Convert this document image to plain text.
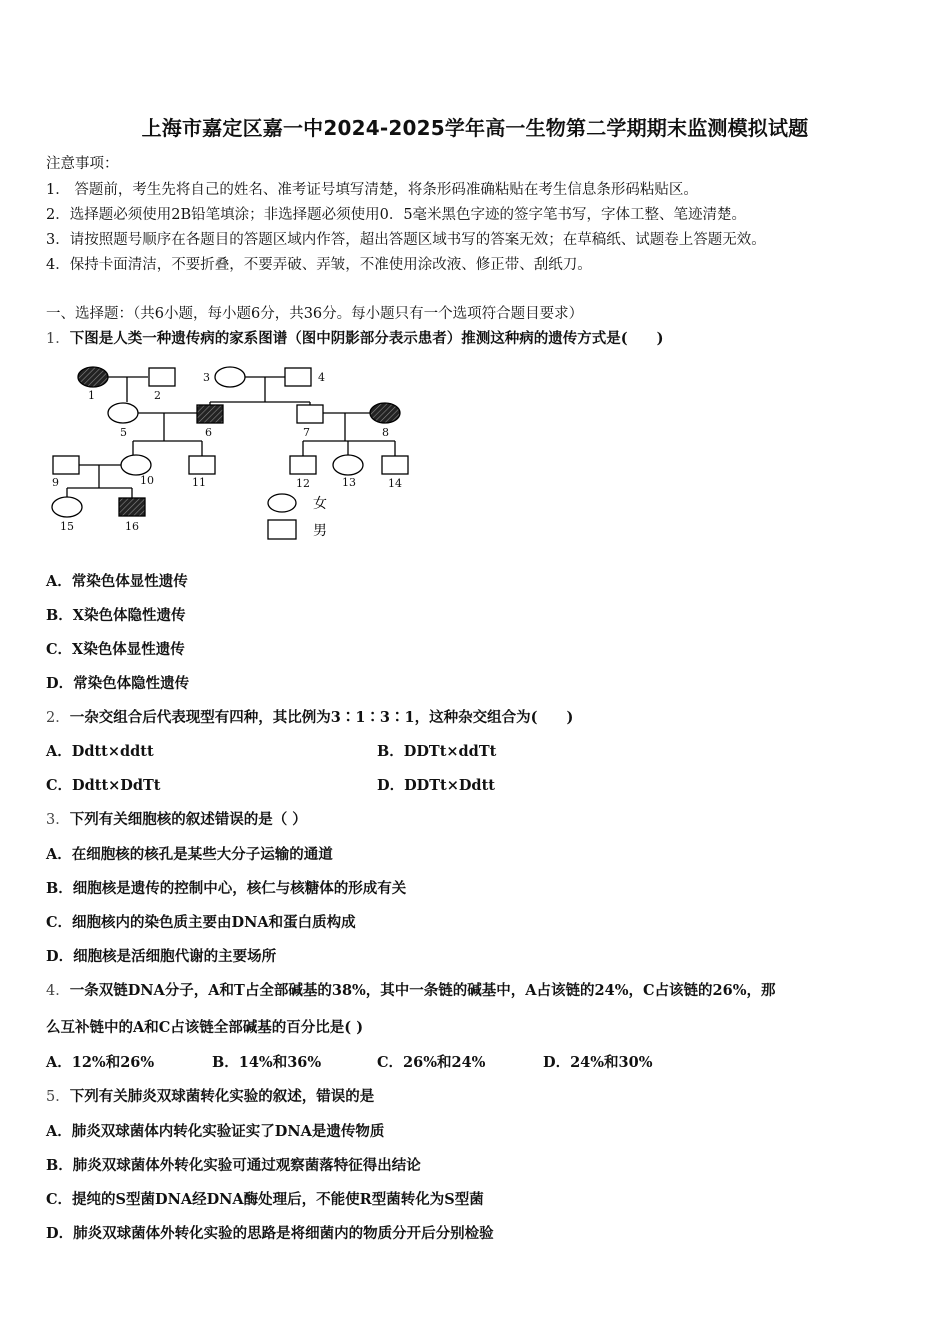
上海市嘉定区嘉一中2024-2025学年高一生物第二学期期末监测模拟试题
注意事项：
1． 答题前，考生先将自己的姓名、准考证号填写清楚，将条形码准确粘贴在考生信息条形码粘贴区。
2．选择题必须使用2B铅笔填涂；非选择题必须使用0．5毫米黑色字迹的签字笔书写，字体工整、笔迹清楚。
3．请按照题号顺序在各题目的答题区域内作答，超出答题区域书写的答案无效；在草稿纸、试题卷上答题无效。
4．保持卡面清洁，不要折叠，不要弄破、弄皱，不准使用涂改液、修正带、刮纸刀。
一、选择题：（共6小题，每小题6分，共36分。每小题只有一个选项符合题目要求）
1．下图是人类一种遗传病的家系图谱（图中阴影部分表示患者）推测这种病的遗传方式是(　　)
1	2
3	4
5	6	7	8
9	10	11	12	13	14
15	16
女
男
A．常染色体显性遗传
B．X染色体隐性遗传
C．X染色体显性遗传
D．常染色体隐性遗传
2．一杂交组合后代表现型有四种，其比例为3∶1∶3∶1，这种杂交组合为(　　)
A．Ddtt×ddtt	B．DDTt×ddTt
C．Ddtt×DdTt	D．DDTt×Ddtt
3．下列有关细胞核的叙述错误的是（ ）
A．在细胞核的核孔是某些大分子运输的通道
B．细胞核是遗传的控制中心，核仁与核糖体的形成有关
C．细胞核内的染色质主要由DNA和蛋白质构成
D．细胞核是活细胞代谢的主要场所
4．一条双链DNA分子，A和T占全部碱基的38%，其中一条链的碱基中，A占该链的24%，C占该链的26%，那
么互补链中的A和C占该链全部碱基的百分比是( )
A．12%和26%	B．14%和36%	C．26%和24%	D．24%和30%
5．下列有关肺炎双球菌转化实验的叙述，错误的是
A．肺炎双球菌体内转化实验证实了DNA是遗传物质
B．肺炎双球菌体外转化实验可通过观察菌落特征得出结论
C．提纯的S型菌DNA经DNA酶处理后，不能使R型菌转化为S型菌
D．肺炎双球菌体外转化实验的思路是将细菌内的物质分开后分别检验
